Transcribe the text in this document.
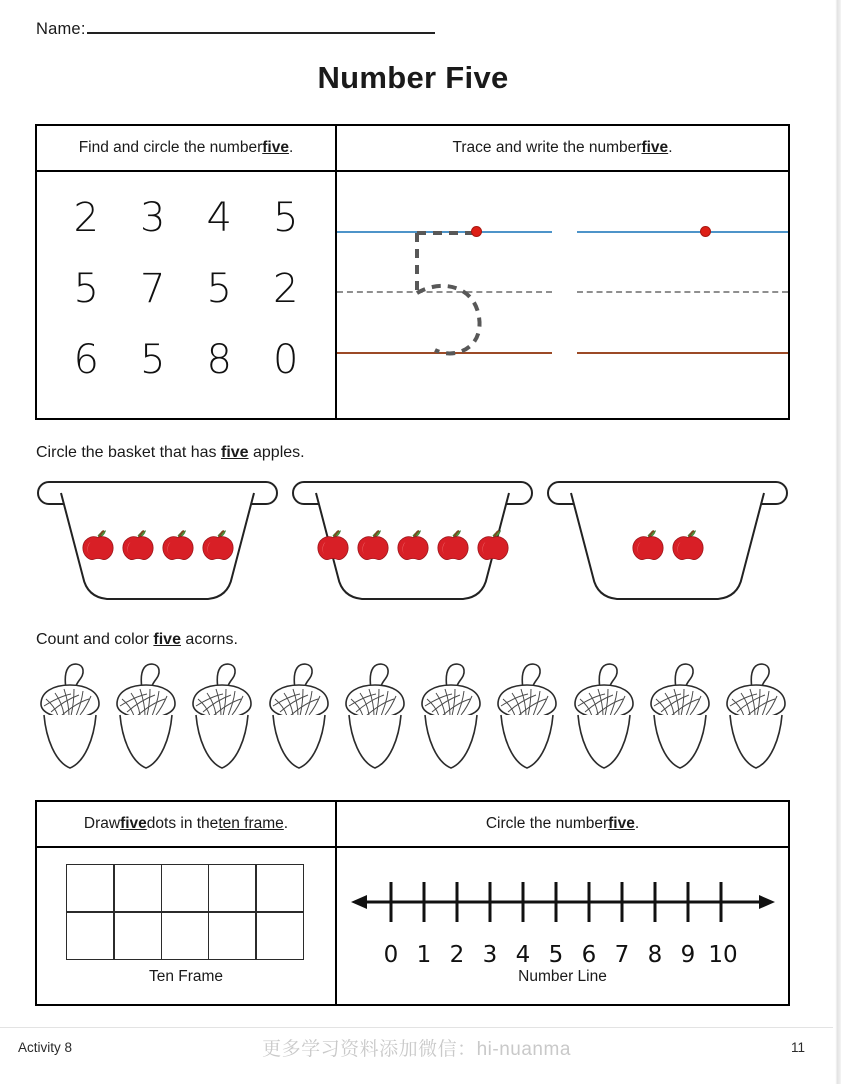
Name:
Number Five
Find and circle the number five .	Trace and write the number five .
2 3 4 5
5 7 5 2
6 5 8 0
Circle the basket that has five apples.
Count and color five acorns.
Draw five dots in the ten frame .	Circle the number five .
Ten Frame
0 1 2 3 4 5 6 7 8 9 10
Number Line
Activity 8	更多学习资料添加微信：hi-nuanma	11
